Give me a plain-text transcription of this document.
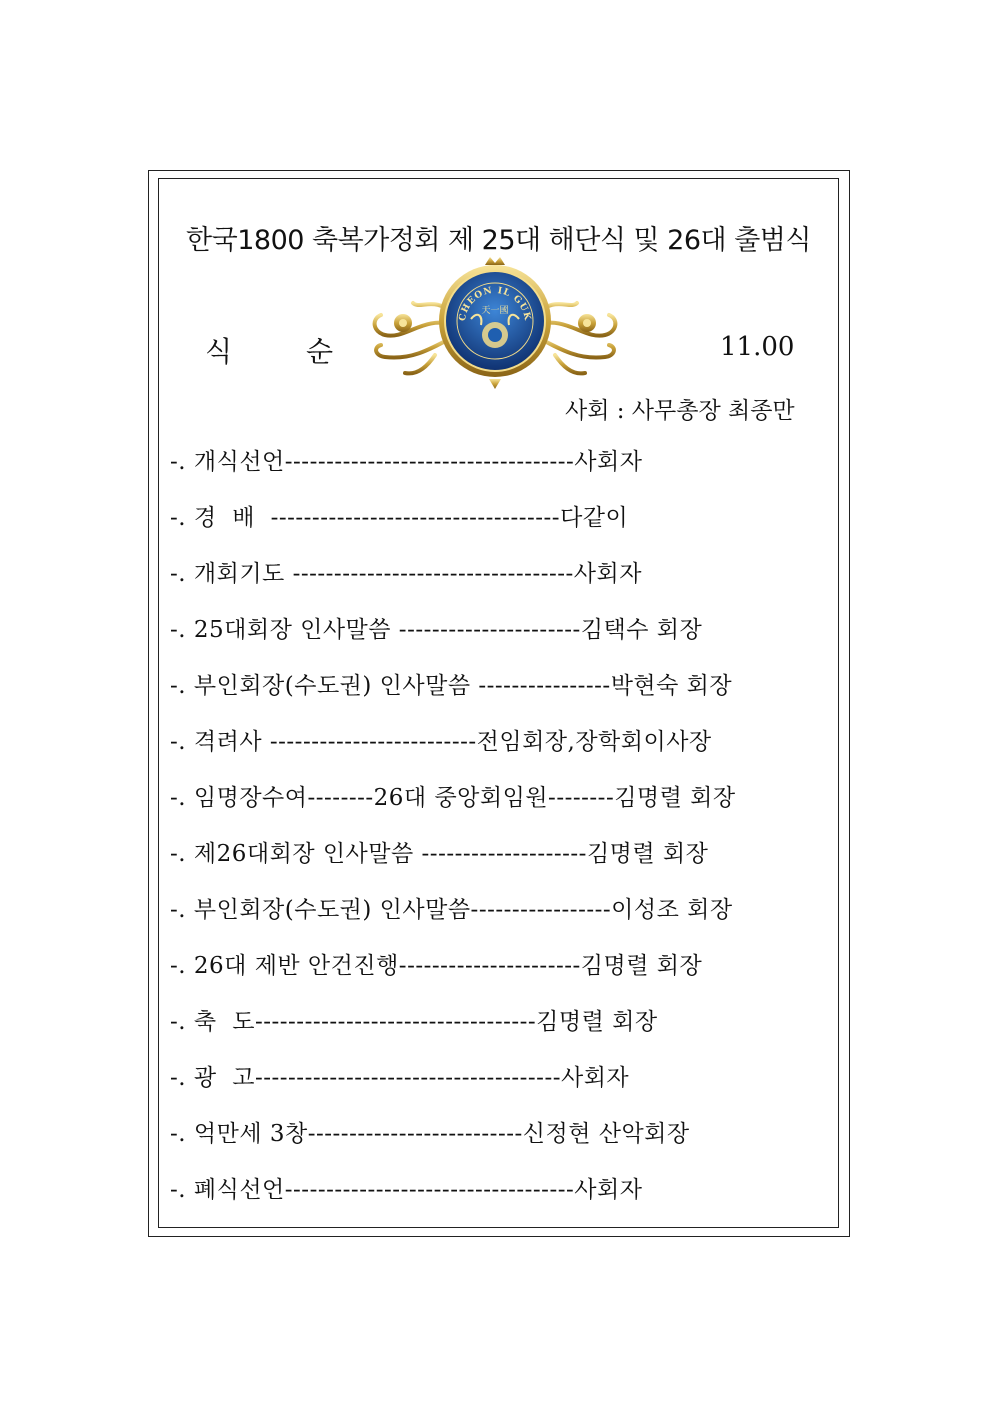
한국1800 축복가정회 제 25대 해단식 및 26대 출범식
식	순	11.00
CHEON IL GUK
天一國
사회 : 사무총장 최종만
-. 개식선언-----------------------------------사회자
-. 경  배  -----------------------------------다같이
-. 개회기도 ----------------------------------사회자
-. 25대회장 인사말씀 ----------------------김택수 회장
-. 부인회장(수도권) 인사말씀 ----------------박현숙 회장
-. 격려사 -------------------------전임회장,장학회이사장
-. 임명장수여--------26대 중앙회임원--------김명렬 회장
-. 제26대회장 인사말씀 --------------------김명렬 회장
-. 부인회장(수도권) 인사말씀-----------------이성조 회장
-. 26대 제반 안건진행----------------------김명렬 회장
-. 축  도----------------------------------김명렬 회장
-. 광  고-------------------------------------사회자
-. 억만세 3창--------------------------신정현 산악회장
-. 폐식선언-----------------------------------사회자
